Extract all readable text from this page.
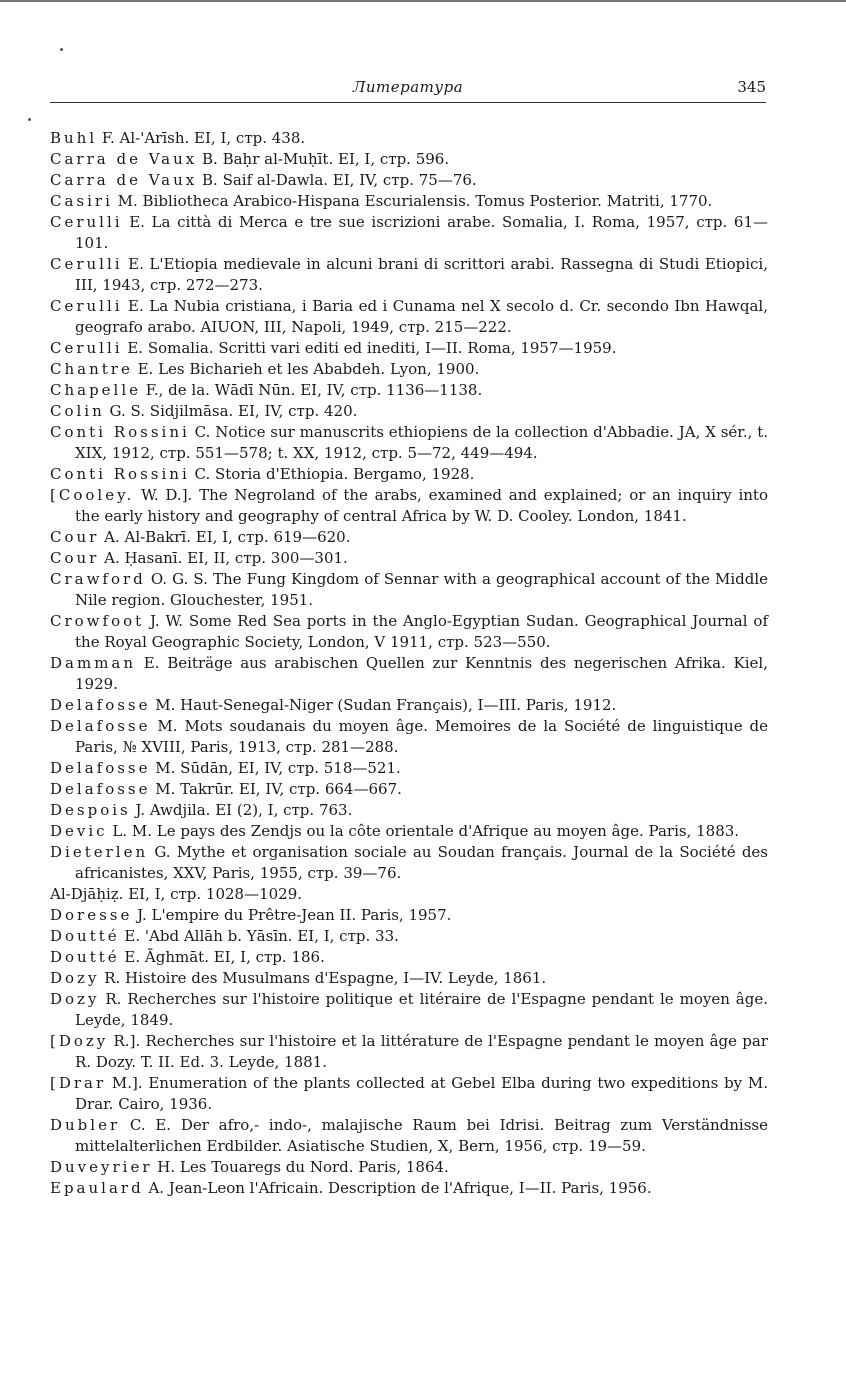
Литература	345
Buhl F. Al-'Arīsh. EI, I, стр. 438.
Carra de Vaux B. Baḥr al-Muḥīt. EI, I, стр. 596.
Carra de Vaux B. Saif al-Dawla. EI, IV, стр. 75—76.
Casiri M. Bibliotheca Arabico-Hispana Escurialensis. Tomus Posterior. Matriti, 1770.
Cerulli E. La città di Merca e tre sue iscrizioni arabe. Somalia, I. Roma, 1957, стр. 61—101.
Cerulli E. L'Etiopia medievale in alcuni brani di scrittori arabi. Rassegna di Studi Etiopici, III, 1943, стр. 272—273.
Cerulli E. La Nubia cristiana, i Baria ed i Cunama nel X secolo d. Cr. secondo Ibn Hawqal, geografo arabo. AIUON, III, Napoli, 1949, стр. 215—222.
Cerulli E. Somalia. Scritti vari editi ed inediti, I—II. Roma, 1957—1959.
Chantre E. Les Bicharieh et les Ababdeh. Lyon, 1900.
Chapelle F., de la. Wādī Nūn. EI, IV, стр. 1136—1138.
Colin G. S. Sidjilmāsa. EI, IV, стр. 420.
Conti Rossini C. Notice sur manuscrits ethiopiens de la collection d'Abbadie. JA, X sér., t. XIX, 1912, стр. 551—578; t. XX, 1912, стр. 5—72, 449—494.
Conti Rossini C. Storia d'Ethiopia. Bergamo, 1928.
[Cooley. W. D.]. The Negroland of the arabs, examined and explained; or an inquiry into the early history and geography of central Africa by W. D. Cooley. London, 1841.
Cour A. Al-Bakrī. EI, I, стр. 619—620.
Cour A. Ḥasanī. EI, II, стр. 300—301.
Crawford O. G. S. The Fung Kingdom of Sennar with a geographical account of the Middle Nile region. Glouchester, 1951.
Crowfoot J. W. Some Red Sea ports in the Anglo-Egyptian Sudan. Geographical Journal of the Royal Geographic Society, London, V 1911, стр. 523—550.
Damman E. Beiträge aus arabischen Quellen zur Kenntnis des negerischen Afrika. Kiel, 1929.
Delafosse M. Haut-Senegal-Niger (Sudan Français), I—III. Paris, 1912.
Delafosse M. Mots soudanais du moyen âge. Memoires de la Société de linguistique de Paris, № XVIII, Paris, 1913, стр. 281—288.
Delafosse M. Sūdān, EI, IV, стр. 518—521.
Delafosse M. Takrūr. EI, IV, стр. 664—667.
Despois J. Awdjila. EI (2), I, стр. 763.
Devic L. M. Le pays des Zendjs ou la côte orientale d'Afrique au moyen âge. Paris, 1883.
Dieterlen G. Mythe et organisation sociale au Soudan français. Journal de la Société des africanistes, XXV, Paris, 1955, стр. 39—76.
Al-Djāḥiẓ. EI, I, стр. 1028—1029.
Doresse J. L'empire du Prêtre-Jean II. Paris, 1957.
Doutté E. 'Abd Allāh b. Yāsīn. EI, I, стр. 33.
Doutté E. Āghmāt. EI, I, стр. 186.
Dozy R. Histoire des Musulmans d'Espagne, I—IV. Leyde, 1861.
Dozy R. Recherches sur l'histoire politique et litéraire de l'Espagne pendant le moyen âge. Leyde, 1849.
[Dozy R.]. Recherches sur l'histoire et la littérature de l'Espagne pendant le moyen âge par R. Dozy. T. II. Ed. 3. Leyde, 1881.
[Drar M.]. Enumeration of the plants collected at Gebel Elba during two expeditions by M. Drar. Cairo, 1936.
Dubler C. E. Der afro,- indo-, malajische Raum bei Idrisi. Beitrag zum Verständnisse mittelalterlichen Erdbilder. Asiatische Studien, X, Bern, 1956, стр. 19—59.
Duveyrier H. Les Touaregs du Nord. Paris, 1864.
Epaulard A. Jean-Leon l'Africain. Description de l'Afrique, I—II. Paris, 1956.
